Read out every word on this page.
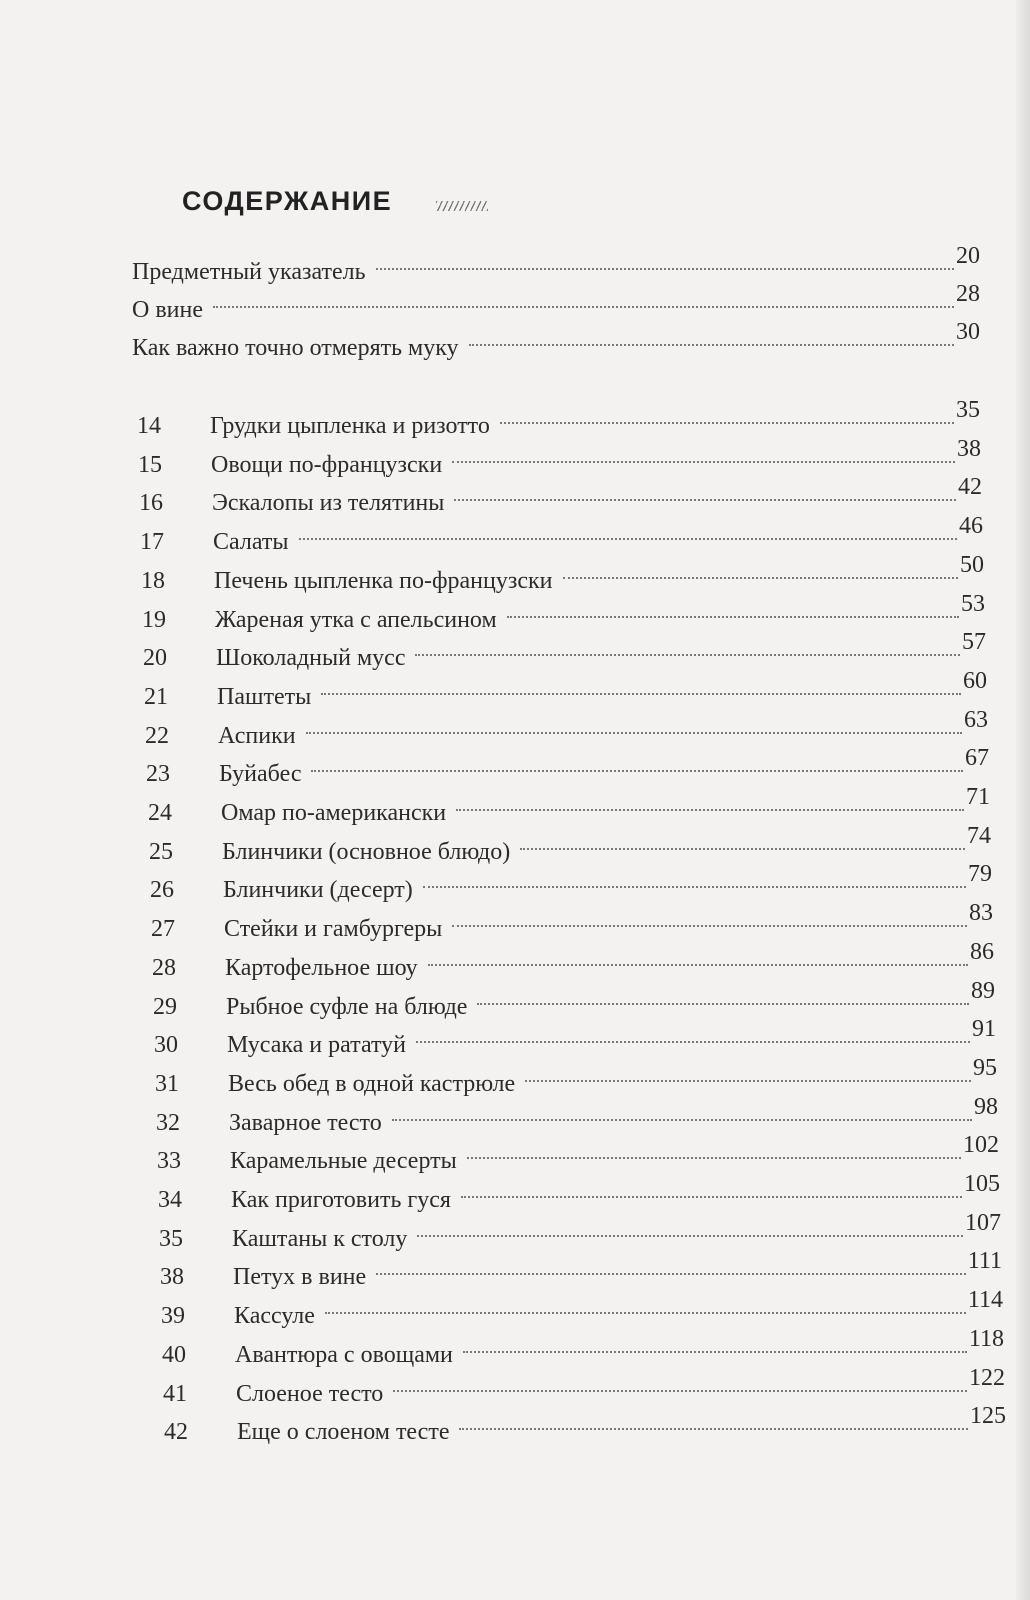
СОДЕРЖАНИЕ
Предметный указатель
20
О вине
28
Как важно точно отмерять муку
30
14 Грудки цыпленка и ризотто
35
15 Овощи по-французски
38
16 Эскалопы из телятины
42
17 Салаты
46
18 Печень цыпленка по-французски
50
19 Жареная утка с апельсином
53
20 Шоколадный мусс
57
21 Паштеты
60
22 Аспики
63
23 Буйабес
67
24 Омар по-американски
71
25 Блинчики (основное блюдо)
74
26 Блинчики (десерт)
79
27 Стейки и гамбургеры
83
28 Картофельное шоу
86
29 Рыбное суфле на блюде
89
30 Мусака и рататуй
91
31 Весь обед в одной кастрюле
95
32 Заварное тесто
98
33 Карамельные десерты
102
34 Как приготовить гуся
105
35 Каштаны к столу
107
38 Петух в вине
111
39 Кассуле
114
40 Авантюра с овощами
118
41 Слоеное тесто
122
42 Еще о слоеном тесте
125
